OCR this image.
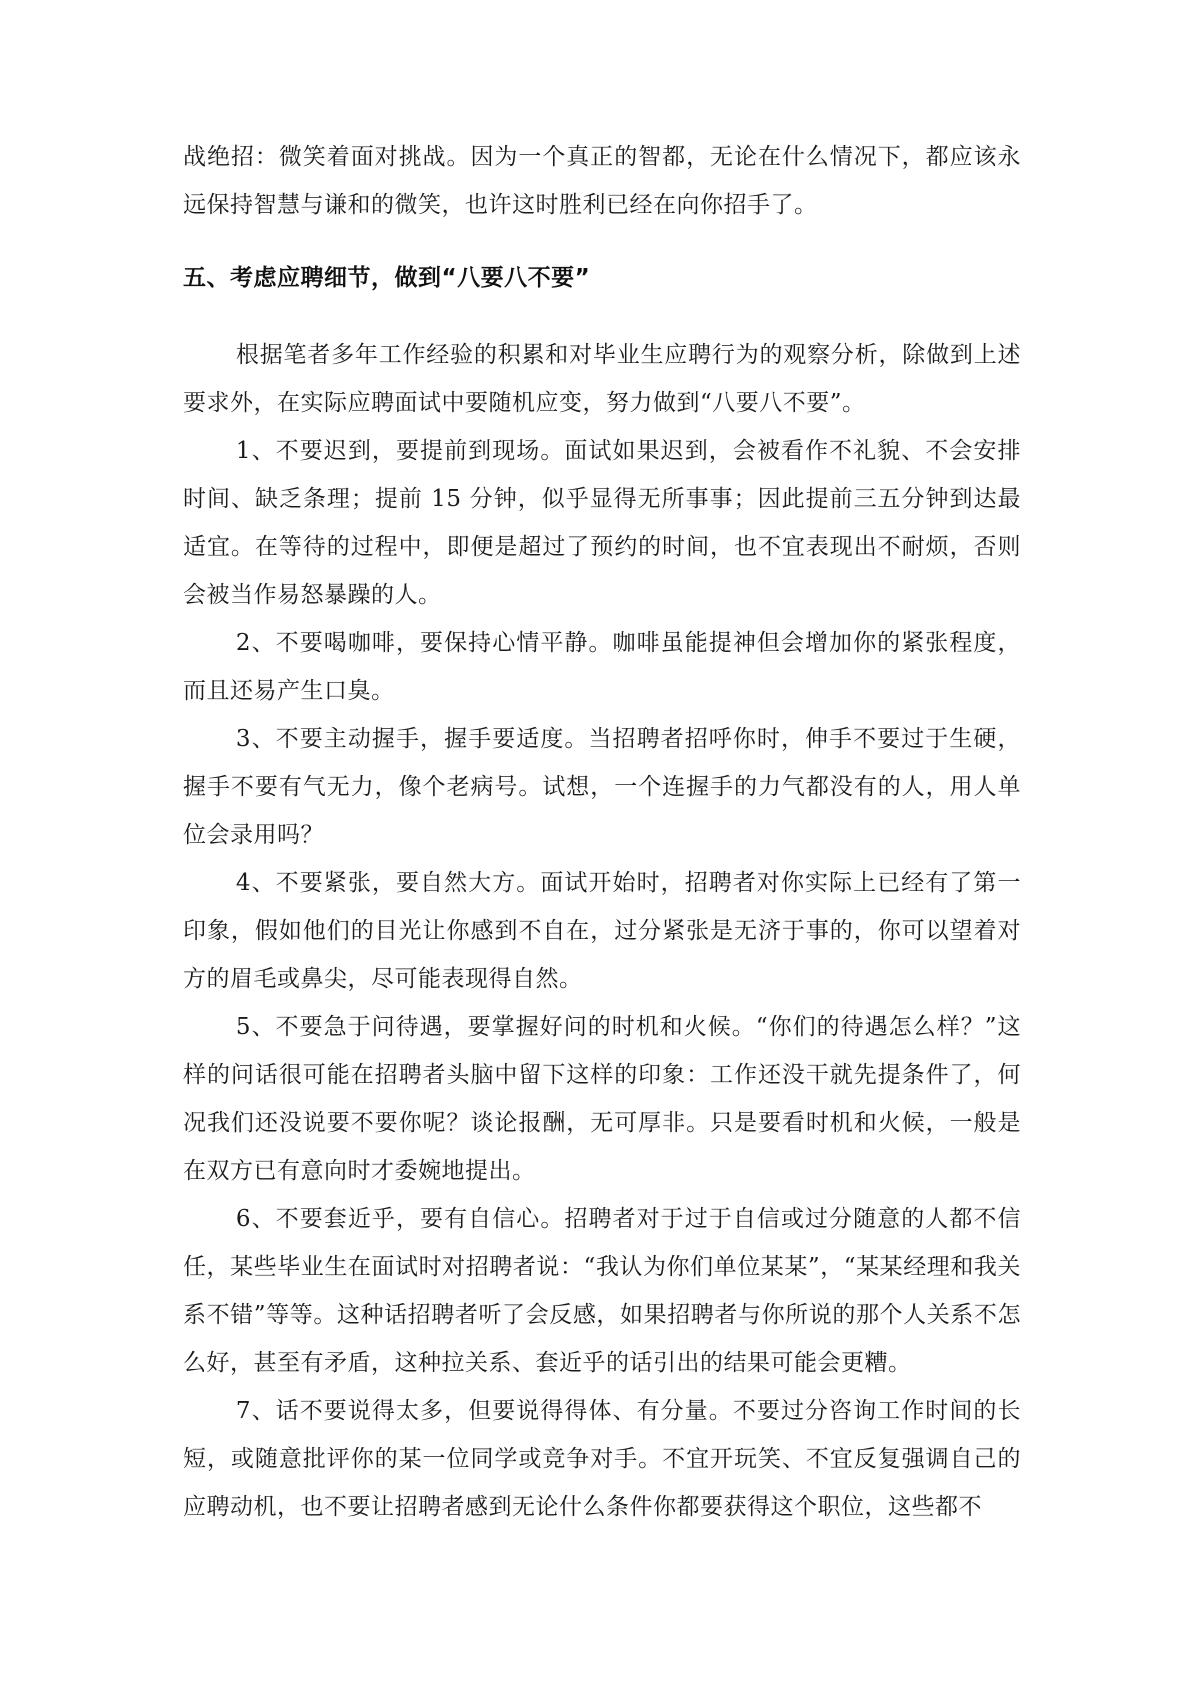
战绝招：微笑着面对挑战。因为一个真正的智都，无论在什么情况下，都应该永远保持智慧与谦和的微笑，也许这时胜利已经在向你招手了。

五、考虑应聘细节，做到“八要八不要”

根据笔者多年工作经验的积累和对毕业生应聘行为的观察分析，除做到上述要求外，在实际应聘面试中要随机应变，努力做到“八要八不要”。

1、不要迟到，要提前到现场。面试如果迟到，会被看作不礼貌、不会安排时间、缺乏条理；提前 15 分钟，似乎显得无所事事；因此提前三五分钟到达最适宜。在等待的过程中，即便是超过了预约的时间，也不宜表现出不耐烦，否则会被当作易怒暴躁的人。

2、不要喝咖啡，要保持心情平静。咖啡虽能提神但会增加你的紧张程度，而且还易产生口臭。

3、不要主动握手，握手要适度。当招聘者招呼你时，伸手不要过于生硬，握手不要有气无力，像个老病号。试想，一个连握手的力气都没有的人，用人单位会录用吗？

4、不要紧张，要自然大方。面试开始时，招聘者对你实际上已经有了第一印象，假如他们的目光让你感到不自在，过分紧张是无济于事的，你可以望着对方的眉毛或鼻尖，尽可能表现得自然。

5、不要急于问待遇，要掌握好问的时机和火候。“你们的待遇怎么样？”这样的问话很可能在招聘者头脑中留下这样的印象：工作还没干就先提条件了，何况我们还没说要不要你呢？谈论报酬，无可厚非。只是要看时机和火候，一般是在双方已有意向时才委婉地提出。

6、不要套近乎，要有自信心。招聘者对于过于自信或过分随意的人都不信任，某些毕业生在面试时对招聘者说：“我认为你们单位某某”，“某某经理和我关系不错”等等。这种话招聘者听了会反感，如果招聘者与你所说的那个人关系不怎么好，甚至有矛盾，这种拉关系、套近乎的话引出的结果可能会更糟。

7、话不要说得太多，但要说得得体、有分量。不要过分咨询工作时间的长短，或随意批评你的某一位同学或竞争对手。不宜开玩笑、不宜反复强调自己的应聘动机，也不要让招聘者感到无论什么条件你都要获得这个职位，这些都不
